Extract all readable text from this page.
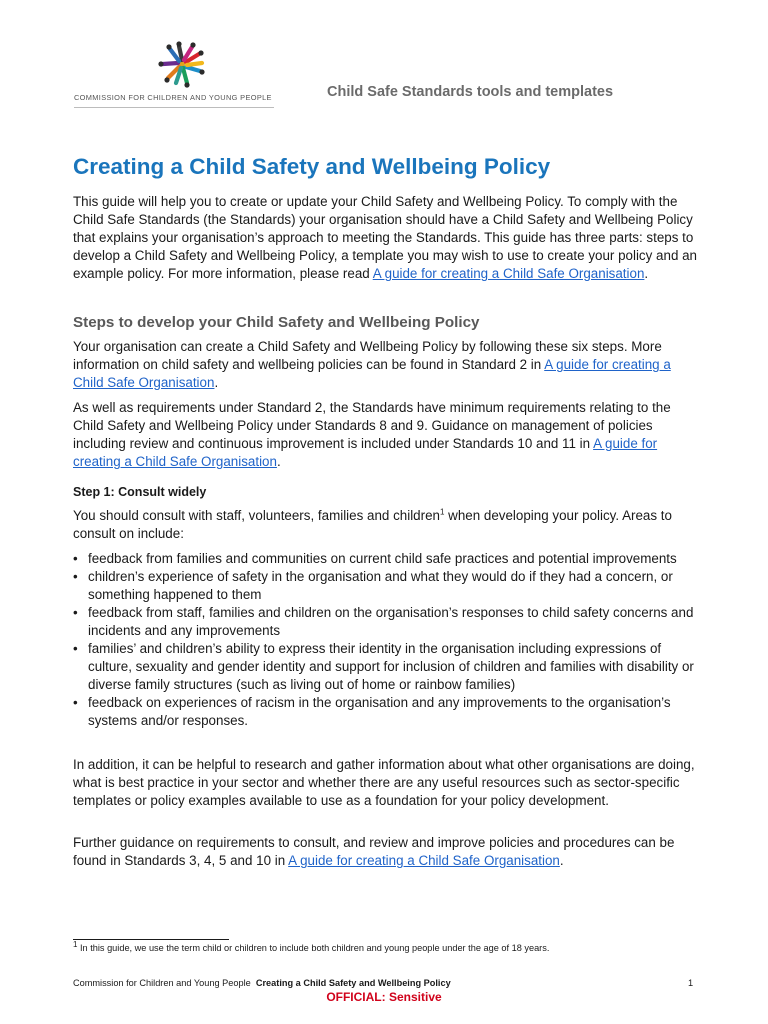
COMMISSION FOR CHILDREN AND YOUNG PEOPLE	Child Safe Standards tools and templates
Creating a Child Safety and Wellbeing Policy

This guide will help you to create or update your Child Safety and Wellbeing Policy. To comply with the Child Safe Standards (the Standards) your organisation should have a Child Safety and Wellbeing Policy that explains your organisation’s approach to meeting the Standards. This guide has three parts: steps to develop a Child Safety and Wellbeing Policy, a template you may wish to use to create your policy and an example policy. For more information, please read A guide for creating a Child Safe Organisation.

Steps to develop your Child Safety and Wellbeing Policy

Your organisation can create a Child Safety and Wellbeing Policy by following these six steps. More information on child safety and wellbeing policies can be found in Standard 2 in A guide for creating a Child Safe Organisation.

As well as requirements under Standard 2, the Standards have minimum requirements relating to the Child Safety and Wellbeing Policy under Standards 8 and 9. Guidance on management of policies including review and continuous improvement is included under Standards 10 and 11 in A guide for creating a Child Safe Organisation.

Step 1: Consult widely

You should consult with staff, volunteers, families and children$^1$ when developing your policy. Areas to consult on include:

• feedback from families and communities on current child safe practices and potential improvements
• children’s experience of safety in the organisation and what they would do if they had a concern, or something happened to them
• feedback from staff, families and children on the organisation’s responses to child safety concerns and incidents and any improvements
• families’ and children’s ability to express their identity in the organisation including expressions of culture, sexuality and gender identity and support for inclusion of children and families with disability or diverse family structures (such as living out of home or rainbow families)
• feedback on experiences of racism in the organisation and any improvements to the organisation’s systems and/or responses.

In addition, it can be helpful to research and gather information about what other organisations are doing, what is best practice in your sector and whether there are any useful resources such as sector-specific templates or policy examples available to use as a foundation for your policy development.

Further guidance on requirements to consult, and review and improve policies and procedures can be found in Standards 3, 4, 5 and 10 in A guide for creating a Child Safe Organisation.

$^1$ In this guide, we use the term child or children to include both children and young people under the age of 18 years.
Commission for Children and Young People Creating a Child Safety and Wellbeing Policy	1
OFFICIAL: Sensitive
